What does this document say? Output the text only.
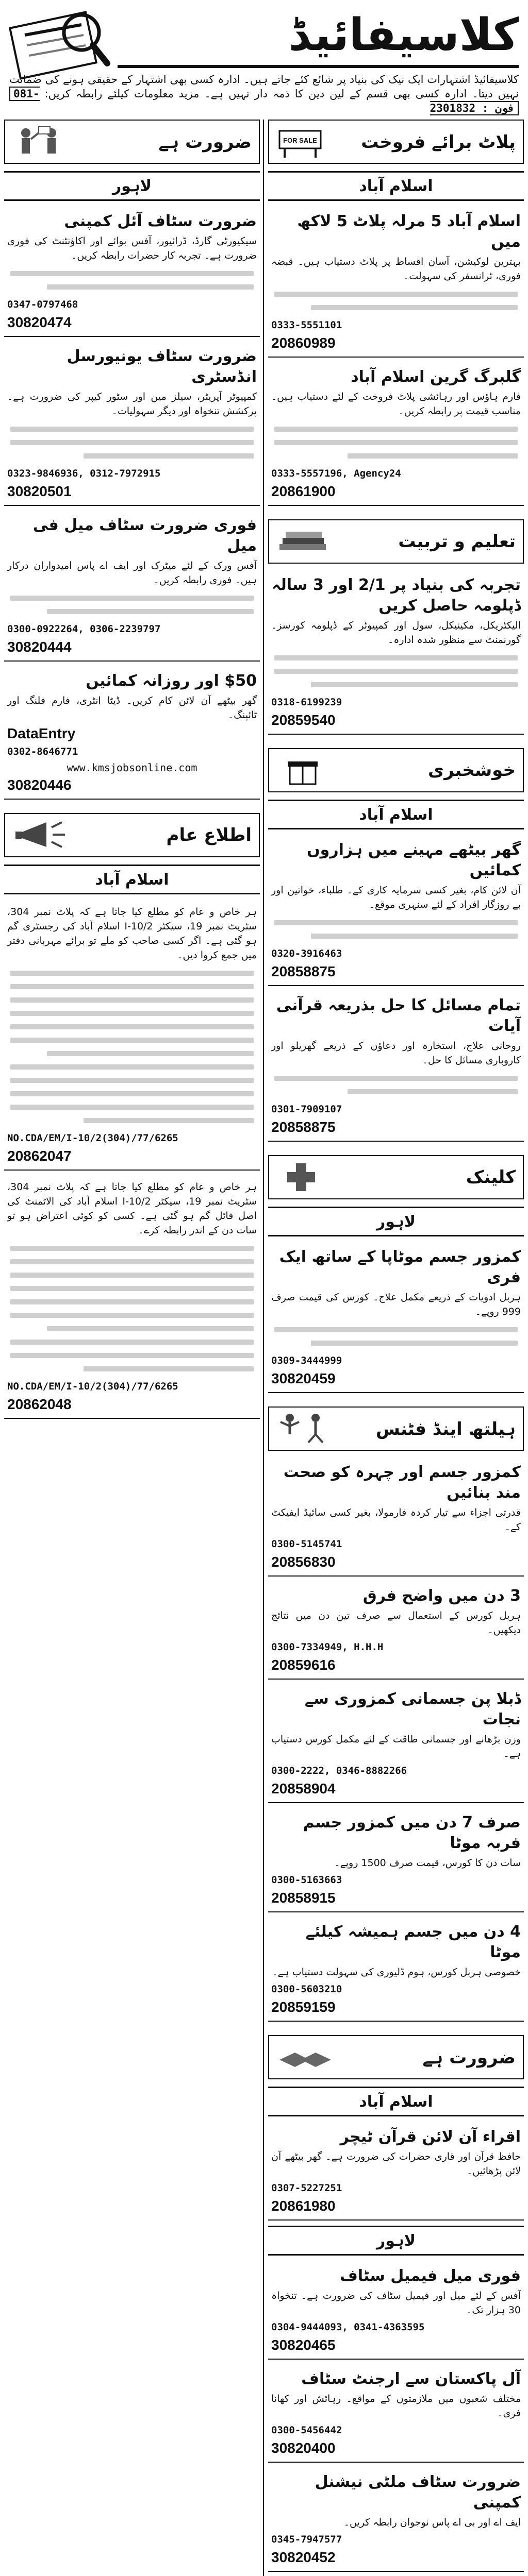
کلاسیفائیڈ
کلاسیفائیڈ اشتہارات ایک نیک کی بنیاد پر شائع کئے جاتے ہیں۔ ادارہ کسی بھی اشتہار کے حقیقی ہونے کی ضمانت نہیں دیتا۔ ادارہ کسی بھی قسم کے لین دین کا ذمہ دار نہیں ہے۔ مزید معلومات کیلئے رابطہ کریں: 081-2301832 : فون
ضرورت ہے
لاہور
ضرورت سٹاف آئل کمپنی
سیکیورٹی گارڈ، ڈرائیور، آفس بوائے اور اکاؤنٹنٹ کی فوری ضرورت ہے۔ تجربہ کار حضرات رابطہ کریں۔
0347-0797468
30820474
ضرورت سٹاف یونیورسل انڈسٹری
کمپیوٹر آپریٹر، سیلز مین اور سٹور کیپر کی ضرورت ہے۔ پرکشش تنخواہ اور دیگر سہولیات۔
0323-9846936, 0312-7972915
30820501
فوری ضرورت سٹاف میل فی میل
آفس ورک کے لئے میٹرک اور ایف اے پاس امیدواران درکار ہیں۔ فوری رابطہ کریں۔
0300-0922264, 0306-2239797
30820444
$50 اور روزانہ کمائیں
گھر بیٹھے آن لائن کام کریں۔ ڈیٹا انٹری، فارم فلنگ اور ٹائپنگ۔
DataEntry
0302-8646771
www.kmsjobsonline.com
30820446
اطلاع عام
اسلام آباد
ہر خاص و عام کو مطلع کیا جاتا ہے کہ پلاٹ نمبر 304، سٹریٹ نمبر 19، سیکٹر I-10/2 اسلام آباد کی رجسٹری گم ہو گئی ہے۔ اگر کسی صاحب کو ملے تو برائے مہربانی دفتر میں جمع کروا دیں۔
NO.CDA/EM/I-10/2(304)/77/6265
20862047
ہر خاص و عام کو مطلع کیا جاتا ہے کہ پلاٹ نمبر 304، سٹریٹ نمبر 19، سیکٹر I-10/2 اسلام آباد کی الاٹمنٹ کی اصل فائل گم ہو گئی ہے۔ کسی کو کوئی اعتراض ہو تو سات دن کے اندر رابطہ کرے۔
NO.CDA/EM/I-10/2(304)/77/6265
20862048
FOR SALE	پلاٹ برائے فروخت
اسلام آباد
اسلام آباد 5 مرلہ پلاٹ 5 لاکھ میں
بہترین لوکیشن، آسان اقساط پر پلاٹ دستیاب ہیں۔ قبضہ فوری، ٹرانسفر کی سہولت۔
0333-5551101
20860989
گلبرگ گرین اسلام آباد
فارم ہاؤس اور رہائشی پلاٹ فروخت کے لئے دستیاب ہیں۔ مناسب قیمت پر رابطہ کریں۔
0333-5557196, Agency24
20861900
تعلیم و تربیت
تجربہ کی بنیاد پر 2/1 اور 3 سالہ ڈپلومہ حاصل کریں
الیکٹریکل، مکینیکل، سول اور کمپیوٹر کے ڈپلومہ کورسز۔ گورنمنٹ سے منظور شدہ ادارہ۔
0318-6199239
20859540
خوشخبری
اسلام آباد
گھر بیٹھے مہینے میں ہزاروں کمائیں
آن لائن کام، بغیر کسی سرمایہ کاری کے۔ طلباء، خواتین اور بے روزگار افراد کے لئے سنہری موقع۔
0320-3916463
20858875
تمام مسائل کا حل بذریعہ قرآنی آیات
روحانی علاج، استخارہ اور دعاؤں کے ذریعے گھریلو اور کاروباری مسائل کا حل۔
0301-7909107
20858875
کلینک
لاہور
کمزور جسم موٹاپا کے ساتھ ایک فری
ہربل ادویات کے ذریعے مکمل علاج۔ کورس کی قیمت صرف 999 روپے۔
0309-3444999
30820459
ہیلتھ اینڈ فٹنس
کمزور جسم اور چہرہ کو صحت مند بنائیں
قدرتی اجزاء سے تیار کردہ فارمولا، بغیر کسی سائیڈ ایفیکٹ کے۔
0300-5145741
20856830
3 دن میں واضح فرق
ہربل کورس کے استعمال سے صرف تین دن میں نتائج دیکھیں۔
0300-7334949, H.H.H
20859616
ڈبلا پن جسمانی کمزوری سے نجات
وزن بڑھانے اور جسمانی طاقت کے لئے مکمل کورس دستیاب ہے۔
0300-2222, 0346-8882266
20858904
صرف 7 دن میں کمزور جسم فربہ موٹا
سات دن کا کورس، قیمت صرف 1500 روپے۔
0300-5163663
20858915
4 دن میں جسم ہمیشہ کیلئے موٹا
خصوصی ہربل کورس، ہوم ڈلیوری کی سہولت دستیاب ہے۔
0300-5603210
20859159
ضرورت ہے
اسلام آباد
اقراء آن لائن قرآن ٹیچر
حافظ قرآن اور قاری حضرات کی ضرورت ہے۔ گھر بیٹھے آن لائن پڑھائیں۔
0307-5227251
20861980
لاہور
فوری میل فیمیل سٹاف
آفس کے لئے میل اور فیمیل سٹاف کی ضرورت ہے۔ تنخواہ 30 ہزار تک۔
0304-9444093, 0341-4363595
30820465
آل پاکستان سے ارجنٹ سٹاف
مختلف شعبوں میں ملازمتوں کے مواقع۔ رہائش اور کھانا فری۔
0300-5456442
30820400
ضرورت سٹاف ملٹی نیشنل کمپنی
ایف اے اور بی اے پاس نوجوان رابطہ کریں۔
0345-7947577
30820452
